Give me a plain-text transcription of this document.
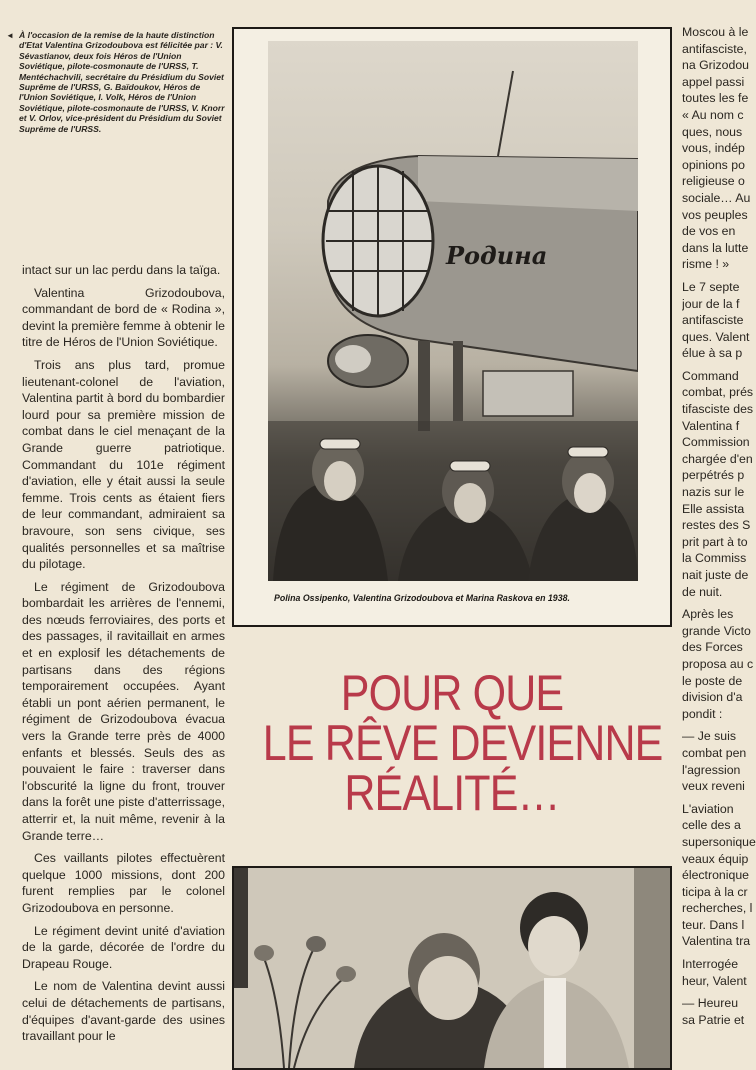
◂ À l'occasion de la remise de la haute distinction d'Etat Valentina Grizodoubova est félicitée par : V. Sévastianov, deux fois Héros de l'Union Soviétique, pilote-cosmonaute de l'URSS, T. Mentéchachvili, secrétaire du Présidium du Soviet Suprême de l'URSS, G. Baïdoukov, Héros de l'Union Soviétique, I. Volk, Héros de l'Union Soviétique, pilote-cosmonaute de l'URSS, V. Knorr et V. Orlov, vice-président du Présidium du Soviet Suprême de l'URSS.

intact sur un lac perdu dans la taïga.

Valentina Grizodoubova, commandant de bord de « Rodina », devint la première femme à obtenir le titre de Héros de l'Union Soviétique.

Trois ans plus tard, promue lieutenant-colonel de l'aviation, Valentina partit à bord du bombardier lourd pour sa première mission de combat dans le ciel menaçant de la Grande guerre patriotique. Commandant du 101e régiment d'aviation, elle y était aussi la seule femme. Trois cents as étaient fiers de leur commandant, admiraient sa bravoure, son sens civique, ses qualités personnelles et sa maîtrise du pilotage.

Le régiment de Grizodoubova bombardait les arrières de l'ennemi, des nœuds ferroviaires, des ports et des passages, il ravitaillait en armes et en explosif les détachements de partisans dans des régions temporairement occupées. Ayant établi un pont aérien permanent, le régiment de Grizodoubova évacua vers la Grande terre près de 4000 enfants et blessés. Seuls des as pouvaient le faire : traverser dans l'obscurité la ligne du front, trouver dans la forêt une piste d'atterrissage, atterrir et, la nuit même, revenir à la Grande terre…

Ces vaillants pilotes effectuèrent quelque 1000 missions, dont 200 furent remplies par le colonel Grizodoubova en personne.

Le régiment devint unité d'aviation de la garde, décorée de l'ordre du Drapeau Rouge.

Le nom de Valentina devint aussi celui de détachements de partisans, d'équipes d'avant-garde des usines travaillant pour le

Родина
Polina Ossipenko, Valentina Grizodoubova et Marina Raskova en 1938.
POUR QUE
LE RÊVE DEVIENNE
RÉALITÉ…
Moscou à le
antifasciste,
na Grizodou
appel passi
toutes les fe
« Au nom c
ques, nous
vous, indép
opinions po
religieuse o
sociale… Au
vos peuples
de vos en
dans la lutte
risme ! »
Le 7 septe
jour de la f
antifasciste
ques. Valent
élue à sa p
Command
combat, prés
tifasciste des
Valentina f
Commission
chargée d'en
perpétrés p
nazis sur le
Elle assista
restes des S
prit part à to
la Commiss
nait juste de
de nuit.
Après les
grande Victo
des Forces
proposa au c
le poste de
division d'a
pondit :
— Je suis
combat pen
l'agression
veux reveni
L'aviation
celle des a
supersonique
veaux équip
électronique
ticipa à la cr
recherches, l
teur. Dans l
Valentina tra
Interrogée
heur, Valent
— Heureu
sa Patrie et
